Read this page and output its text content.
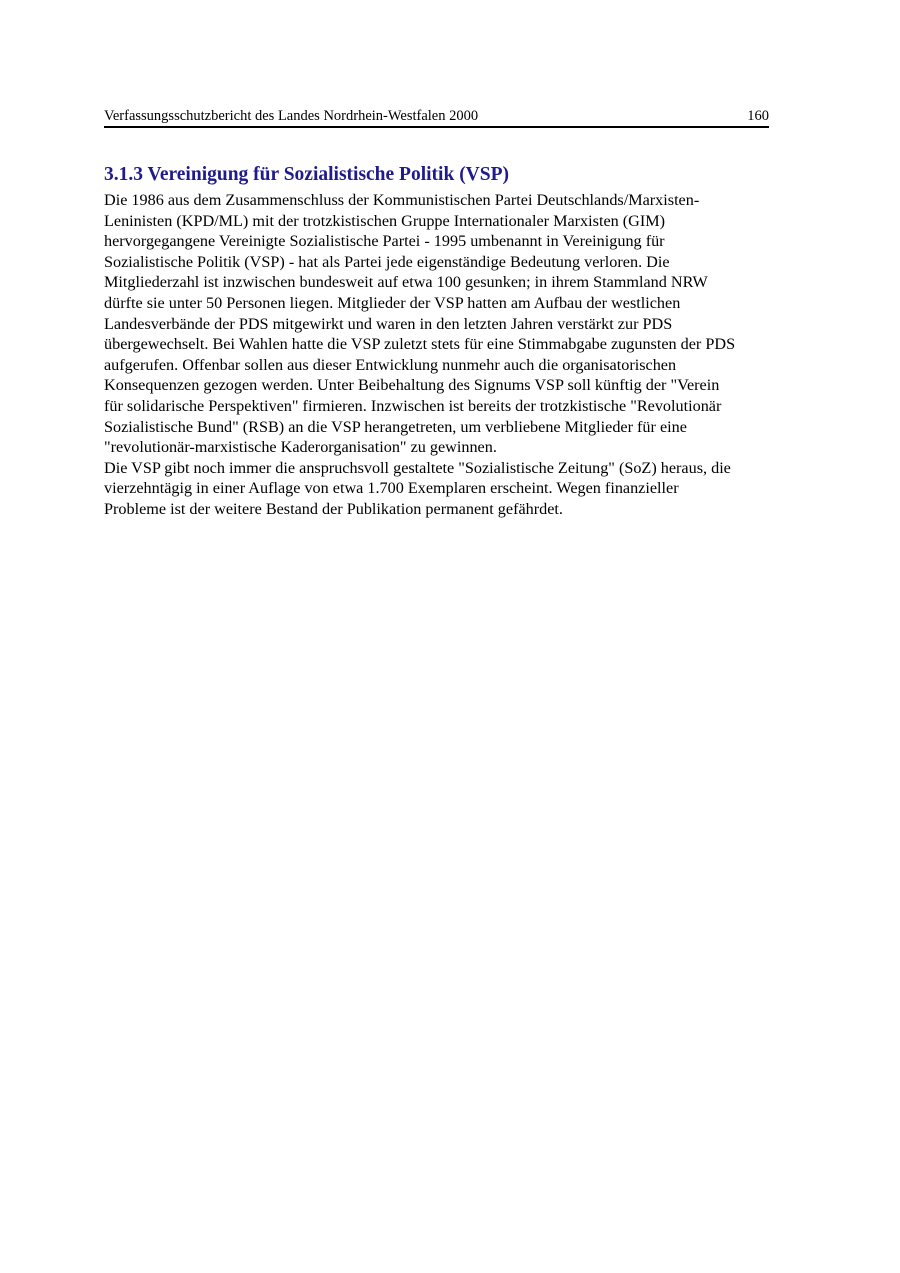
Verfassungsschutzbericht des Landes Nordrhein-Westfalen 2000	160
3.1.3 Vereinigung für Sozialistische Politik (VSP)
Die 1986 aus dem Zusammenschluss der Kommunistischen Partei Deutschlands/Marxisten-
Leninisten (KPD/ML) mit der trotzkistischen Gruppe Internationaler Marxisten (GIM)
hervorgegangene Vereinigte Sozialistische Partei - 1995 umbenannt in Vereinigung für
Sozialistische Politik (VSP) - hat als Partei jede eigenständige Bedeutung verloren. Die
Mitgliederzahl ist inzwischen bundesweit auf etwa 100 gesunken; in ihrem Stammland NRW
dürfte sie unter 50 Personen liegen. Mitglieder der VSP hatten am Aufbau der westlichen
Landesverbände der PDS mitgewirkt und waren in den letzten Jahren verstärkt zur PDS
übergewechselt. Bei Wahlen hatte die VSP zuletzt stets für eine Stimmabgabe zugunsten der PDS
aufgerufen. Offenbar sollen aus dieser Entwicklung nunmehr auch die organisatorischen
Konsequenzen gezogen werden. Unter Beibehaltung des Signums VSP soll künftig der "Verein
für solidarische Perspektiven" firmieren. Inzwischen ist bereits der trotzkistische "Revolutionär
Sozialistische Bund" (RSB) an die VSP herangetreten, um verbliebene Mitglieder für eine
"revolutionär-marxistische Kaderorganisation" zu gewinnen.
Die VSP gibt noch immer die anspruchsvoll gestaltete "Sozialistische Zeitung" (SoZ) heraus, die
vierzehntägig in einer Auflage von etwa 1.700 Exemplaren erscheint. Wegen finanzieller
Probleme ist der weitere Bestand der Publikation permanent gefährdet.
